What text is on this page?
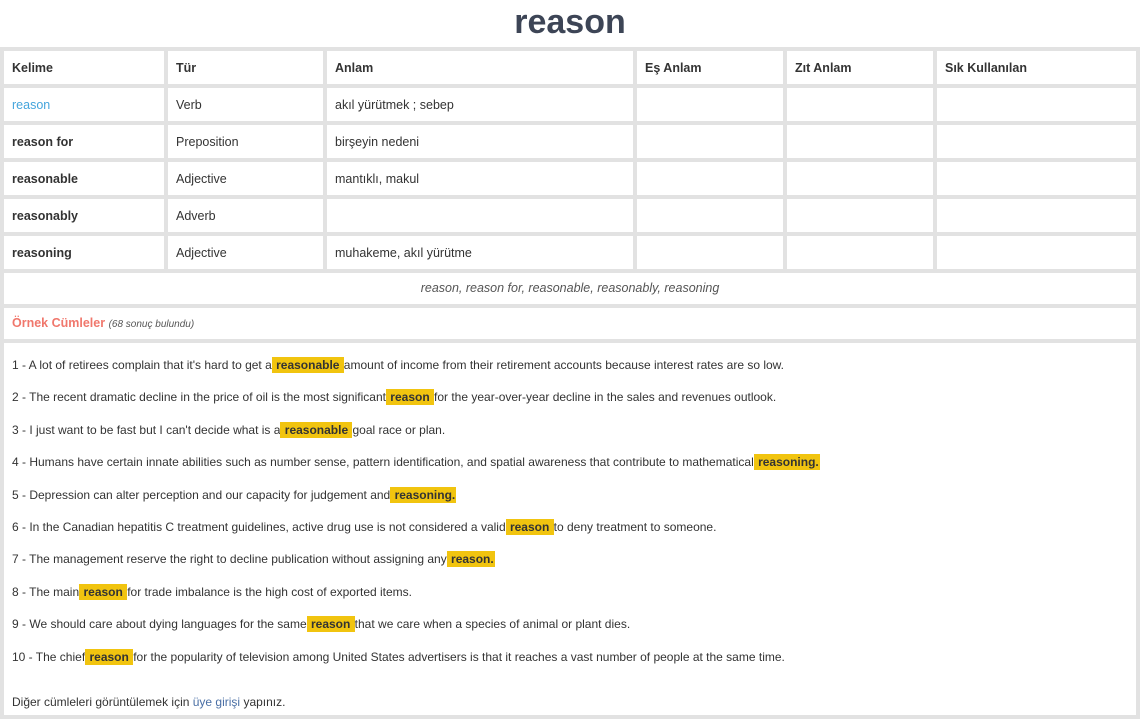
reason
Kelime	Tür	Anlam	Eş Anlam	Zıt Anlam	Sık Kullanılan
reason	Verb	akıl yürütmek ; sebep			
reason for	Preposition	birşeyin nedeni			
reasonable	Adjective	mantıklı, makul			
reasonably	Adverb				
reasoning	Adjective	muhakeme, akıl yürütme			
reason, reason for, reasonable, reasonably, reasoning
Örnek Cümleler (68 sonuç bulundu)
1 - A lot of retirees complain that it's hard to get a reasonable amount of income from their retirement accounts because interest rates are so low.
2 - The recent dramatic decline in the price of oil is the most significant reason for the year-over-year decline in the sales and revenues outlook.
3 - I just want to be fast but I can't decide what is a reasonable goal race or plan.
4 - Humans have certain innate abilities such as number sense, pattern identification, and spatial awareness that contribute to mathematical reasoning.
5 - Depression can alter perception and our capacity for judgement and reasoning.
6 - In the Canadian hepatitis C treatment guidelines, active drug use is not considered a valid reason to deny treatment to someone.
7 - The management reserve the right to decline publication without assigning any reason.
8 - The main reason for trade imbalance is the high cost of exported items.
9 - We should care about dying languages for the same reason that we care when a species of animal or plant dies.
10 - The chief reason for the popularity of television among United States advertisers is that it reaches a vast number of people at the same time.
Diğer cümleleri görüntülemek için üye girişi yapınız.
